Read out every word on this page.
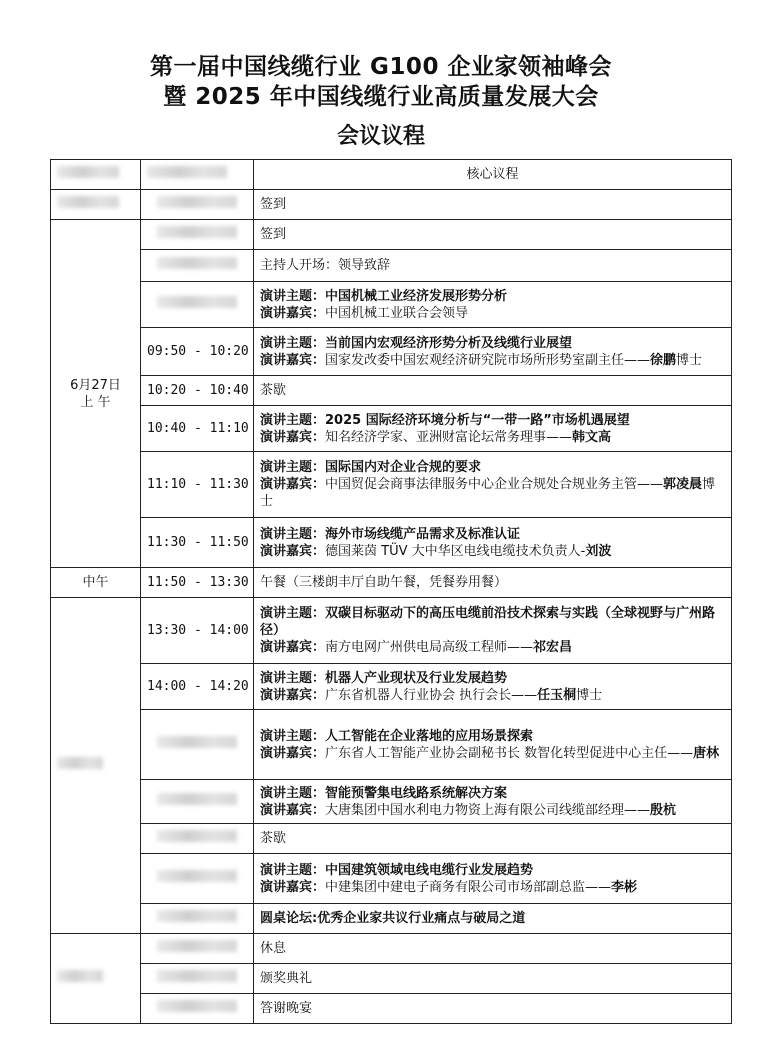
第一届中国线缆行业 G100 企业家领袖峰会
暨 2025 年中国线缆行业高质量发展大会
会议议程
		核心议程
		签到

6月27日
上 午		签到
		主持人开场：领导致辞

		演讲主题：中国机械工业经济发展形势分析
演讲嘉宾：中国机械工业联合会领导

	09:50 - 10:20	演讲主题：当前国内宏观经济形势分析及线缆行业展望
演讲嘉宾：国家发改委中国宏观经济研究院市场所形势室副主任——徐鹏博士

	10:20 - 10:40	茶歇
	10:40 - 11:10	演讲主题：2025 国际经济环境分析与“一带一路”市场机遇展望
演讲嘉宾：知名经济学家、亚洲财富论坛常务理事——韩文高

	11:10 - 11:30	演讲主题：国际国内对企业合规的要求
演讲嘉宾：中国贸促会商事法律服务中心企业合规处合规业务主管——郭凌晨博士

	11:30 - 11:50	演讲主题：海外市场线缆产品需求及标准认证
演讲嘉宾：德国莱茵 TÜV 大中华区电线电缆技术负责人-刘波

中午	11:50 - 13:30	午餐（三楼朗丰厅自助午餐，凭餐券用餐）
	13:30 - 14:00	演讲主题：双碳目标驱动下的高压电缆前沿技术探索与实践（全球视野与广州路径）
演讲嘉宾：南方电网广州供电局高级工程师——祁宏昌

	14:00 - 14:20	演讲主题：机器人产业现状及行业发展趋势
演讲嘉宾：广东省机器人行业协会 执行会长——任玉桐博士

		演讲主题：人工智能在企业落地的应用场景探索
演讲嘉宾：广东省人工智能产业协会副秘书长 数智化转型促进中心主任——唐林

		演讲主题：智能预警集电线路系统解决方案
演讲嘉宾：大唐集团中国水利电力物资上海有限公司线缆部经理——殷杭

		茶歇

		演讲主题：中国建筑领域电线电缆行业发展趋势
演讲嘉宾：中建集团中建电子商务有限公司市场部副总监——李彬

		圆桌论坛:优秀企业家共议行业痛点与破局之道
		休息
		颁奖典礼
		答谢晚宴
